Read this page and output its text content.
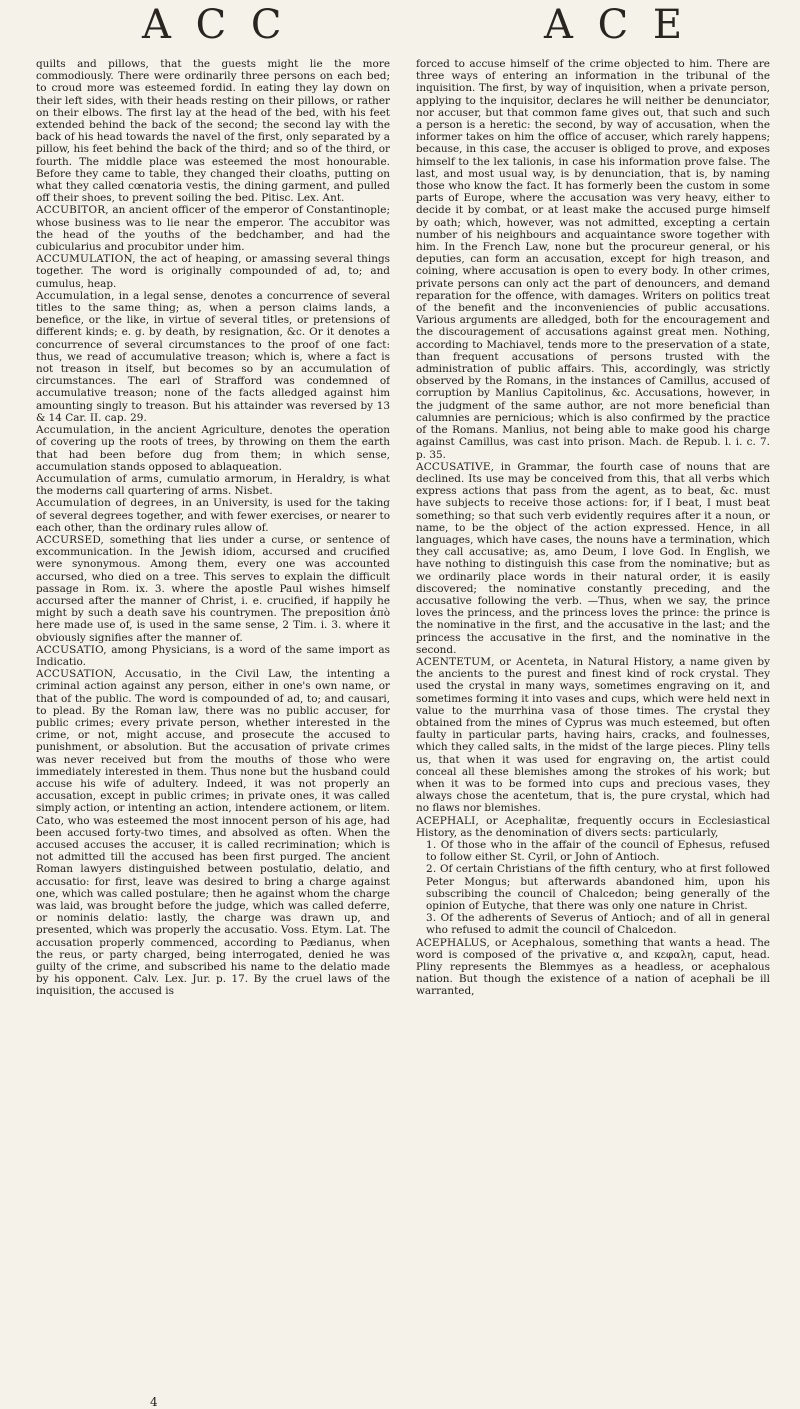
A C C	A C E

quilts and pillows, that the guests might lie the more commodiously. There were ordinarily three persons on each bed; to croud more was esteemed fordid. In eating they lay down on their left sides, with their heads resting on their pillows, or rather on their elbows. The first lay at the head of the bed, with his feet extended behind the back of the second; the second lay with the back of his head towards the navel of the first, only separated by a pillow, his feet behind the back of the third; and so of the third, or fourth. The middle place was esteemed the most honourable. Before they came to table, they changed their cloaths, putting on what they called cœnatoria vestis, the dining garment, and pulled off their shoes, to prevent soiling the bed. Pitisc. Lex. Ant.

ACCUBITOR, an ancient officer of the emperor of Constantinople; whose business was to lie near the emperor. The accubitor was the head of the youths of the bedchamber, and had the cubicularius and procubitor under him.

ACCUMULATION, the act of heaping, or amassing several things together. The word is originally compounded of ad, to; and cumulus, heap.

Accumulation, in a legal sense, denotes a concurrence of several titles to the same thing; as, when a person claims lands, a benefice, or the like, in virtue of several titles, or pretensions of different kinds; e. g. by death, by resignation, &c. Or it denotes a concurrence of several circumstances to the proof of one fact: thus, we read of accumulative treason; which is, where a fact is not treason in itself, but becomes so by an accumulation of circumstances. The earl of Strafford was condemned of accumulative treason; none of the facts alledged against him amounting singly to treason. But his attainder was reversed by 13 & 14 Car. II. cap. 29.

Accumulation, in the ancient Agriculture, denotes the operation of covering up the roots of trees, by throwing on them the earth that had been before dug from them; in which sense, accumulation stands opposed to ablaqueation.

Accumulation of arms, cumulatio armorum, in Heraldry, is what the moderns call quartering of arms. Nisbet.

Accumulation of degrees, in an University, is used for the taking of several degrees together, and with fewer exercises, or nearer to each other, than the ordinary rules allow of.

ACCURSED, something that lies under a curse, or sentence of excommunication. In the Jewish idiom, accursed and crucified were synonymous. Among them, every one was accounted accursed, who died on a tree. This serves to explain the difficult passage in Rom. ix. 3. where the apostle Paul wishes himself accursed after the manner of Christ, i. e. crucified, if happily he might by such a death save his countrymen. The preposition ἀπὸ here made use of, is used in the same sense, 2 Tim. i. 3. where it obviously signifies after the manner of.

ACCUSATIO, among Physicians, is a word of the same import as Indicatio.

ACCUSATION, Accusatio, in the Civil Law, the intenting a criminal action against any person, either in one's own name, or that of the public. The word is compounded of ad, to; and causari, to plead. By the Roman law, there was no public accuser, for public crimes; every private person, whether interested in the crime, or not, might accuse, and prosecute the accused to punishment, or absolution. But the accusation of private crimes was never received but from the mouths of those who were immediately interested in them. Thus none but the husband could accuse his wife of adultery. Indeed, it was not properly an accusation, except in public crimes; in private ones, it was called simply action, or intenting an action, intendere actionem, or litem. Cato, who was esteemed the most innocent person of his age, had been accused forty-two times, and absolved as often. When the accused accuses the accuser, it is called recrimination; which is not admitted till the accused has been first purged. The ancient Roman lawyers distinguished between postulatio, delatio, and accusatio: for first, leave was desired to bring a charge against one, which was called postulare; then he against whom the charge was laid, was brought before the judge, which was called deferre, or nominis delatio: lastly, the charge was drawn up, and presented, which was properly the accusatio. Voss. Etym. Lat. The accusation properly commenced, according to Pædianus, when the reus, or party charged, being interrogated, denied he was guilty of the crime, and subscribed his name to the delatio made by his opponent. Calv. Lex. Jur. p. 17. By the cruel laws of the inquisition, the accused is

forced to accuse himself of the crime objected to him. There are three ways of entering an information in the tribunal of the inquisition. The first, by way of inquisition, when a private person, applying to the inquisitor, declares he will neither be denunciator, nor accuser, but that common fame gives out, that such and such a person is a heretic: the second, by way of accusation, when the informer takes on him the office of accuser, which rarely happens; because, in this case, the accuser is obliged to prove, and exposes himself to the lex talionis, in case his information prove false. The last, and most usual way, is by denunciation, that is, by naming those who know the fact. It has formerly been the custom in some parts of Europe, where the accusation was very heavy, either to decide it by combat, or at least make the accused purge himself by oath; which, however, was not admitted, excepting a certain number of his neighbours and acquaintance swore together with him. In the French Law, none but the procureur general, or his deputies, can form an accusation, except for high treason, and coining, where accusation is open to every body. In other crimes, private persons can only act the part of denouncers, and demand reparation for the offence, with damages. Writers on politics treat of the benefit and the inconveniencies of public accusations. Various arguments are alledged, both for the encouragement and the discouragement of accusations against great men. Nothing, according to Machiavel, tends more to the preservation of a state, than frequent accusations of persons trusted with the administration of public affairs. This, accordingly, was strictly observed by the Romans, in the instances of Camillus, accused of corruption by Manlius Capitolinus, &c. Accusations, however, in the judgment of the same author, are not more beneficial than calumnies are pernicious; which is also confirmed by the practice of the Romans. Manlius, not being able to make good his charge against Camillus, was cast into prison. Mach. de Repub. l. i. c. 7. p. 35.

ACCUSATIVE, in Grammar, the fourth case of nouns that are declined. Its use may be conceived from this, that all verbs which express actions that pass from the agent, as to beat, &c. must have subjects to receive those actions: for, if I beat, I must beat something; so that such verb evidently requires after it a noun, or name, to be the object of the action expressed. Hence, in all languages, which have cases, the nouns have a termination, which they call accusative; as, amo Deum, I love God. In English, we have nothing to distinguish this case from the nominative; but as we ordinarily place words in their natural order, it is easily discovered; the nominative constantly preceding, and the accusative following the verb. —Thus, when we say, the prince loves the princess, and the princess loves the prince: the prince is the nominative in the first, and the accusative in the last; and the princess the accusative in the first, and the nominative in the second.

ACENTETUM, or Acenteta, in Natural History, a name given by the ancients to the purest and finest kind of rock crystal. They used the crystal in many ways, sometimes engraving on it, and sometimes forming it into vases and cups, which were held next in value to the murrhina vasa of those times. The crystal they obtained from the mines of Cyprus was much esteemed, but often faulty in particular parts, having hairs, cracks, and foulnesses, which they called salts, in the midst of the large pieces. Pliny tells us, that when it was used for engraving on, the artist could conceal all these blemishes among the strokes of his work; but when it was to be formed into cups and precious vases, they always chose the acentetum, that is, the pure crystal, which had no flaws nor blemishes.

ACEPHALI, or Acephalitæ, frequently occurs in Ecclesiastical History, as the denomination of divers sects: particularly,

1. Of those who in the affair of the council of Ephesus, refused to follow either St. Cyril, or John of Antioch.

2. Of certain Christians of the fifth century, who at first followed Peter Mongus; but afterwards abandoned him, upon his subscribing the council of Chalcedon; being generally of the opinion of Eutyche, that there was only one nature in Christ.

3. Of the adherents of Severus of Antioch; and of all in general who refused to admit the council of Chalcedon.

ACEPHALUS, or Acephalous, something that wants a head. The word is composed of the privative α, and κεφαλη, caput, head. Pliny represents the Blemmyes as a headless, or acephalous nation. But though the existence of a nation of acephali be ill warranted,

4
